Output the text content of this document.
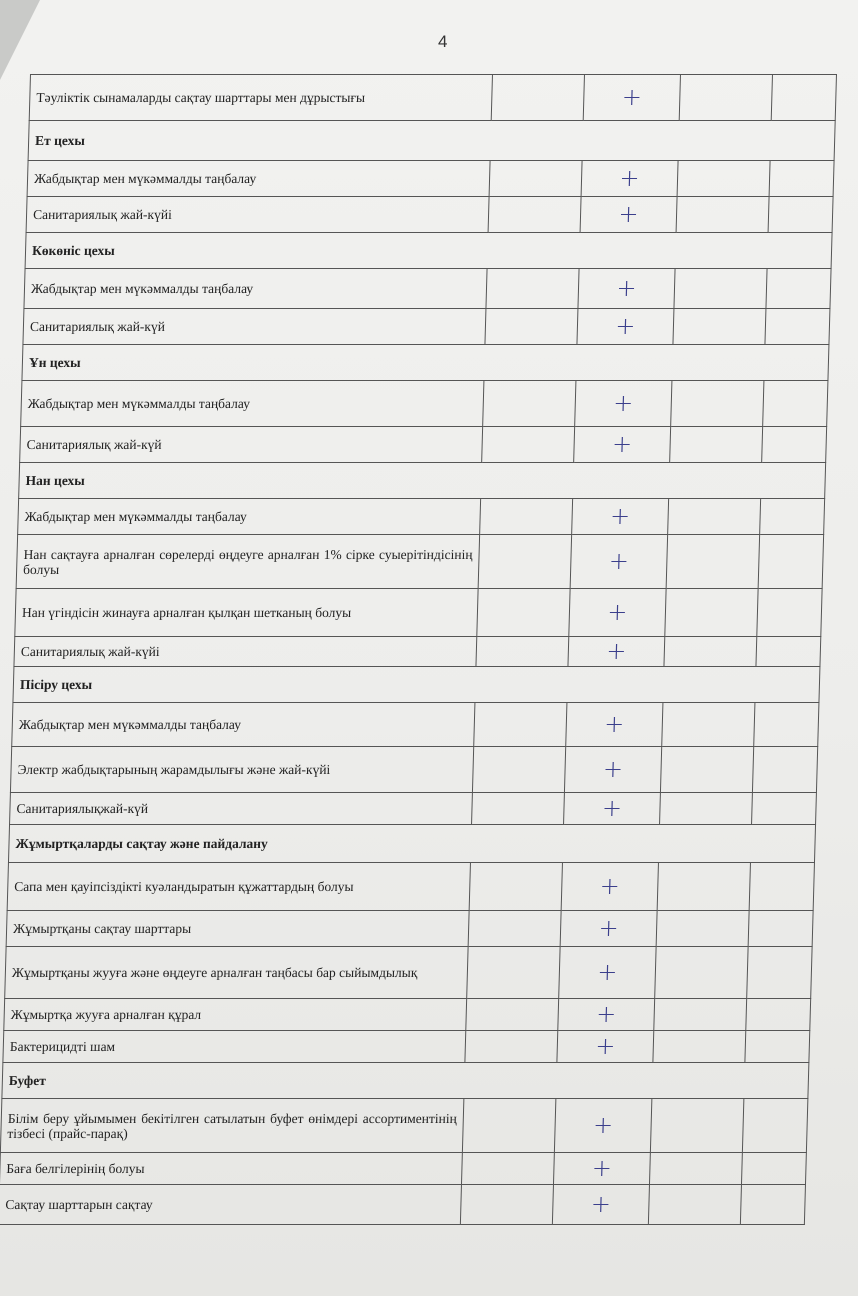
4
Тәуліктік сынамаларды сақтау шарттары мен дұрыстығы		+		
Ет цехы				
Жабдықтар мен мүкәммалды таңбалау		+		
Санитариялық жай-күйі		+		
Көкөніс цехы				
Жабдықтар мен мүкәммалды таңбалау		+		
Санитариялық жай-күй		+		
Ұн цехы				
Жабдықтар мен мүкәммалды таңбалау		+		
Санитариялық жай-күй		+		
Нан цехы				
Жабдықтар мен мүкәммалды таңбалау		+		
Нан сақтауға арналған сөрелерді өңдеуге арналған 1% сірке суыерітіндісінің болуы		+		
Нан үгіндісін жинауға арналған қылқан шетканың болуы		+		
Санитариялық жай-күйі		+		
Пісіру цехы				
Жабдықтар мен мүкәммалды таңбалау		+		
Электр жабдықтарының жарамдылығы және жай-күйі		+		
Санитариялықжай-күй		+		
Жұмыртқаларды сақтау және пайдалану				
Сапа мен қауіпсіздікті куәландыратын құжаттардың болуы		+		
Жұмыртқаны сақтау шарттары		+		
Жұмыртқаны жууға және өңдеуге арналған таңбасы бар сыйымдылық		+		
Жұмыртқа жууға арналған құрал		+		
Бактерицидті шам		+		
Буфет				
Білім беру ұйымымен бекітілген сатылатын буфет өнімдері ассортиментінің тізбесі (прайс-парақ)		+		
Баға белгілерінің болуы		+		
Сақтау шарттарын сақтау		+		
